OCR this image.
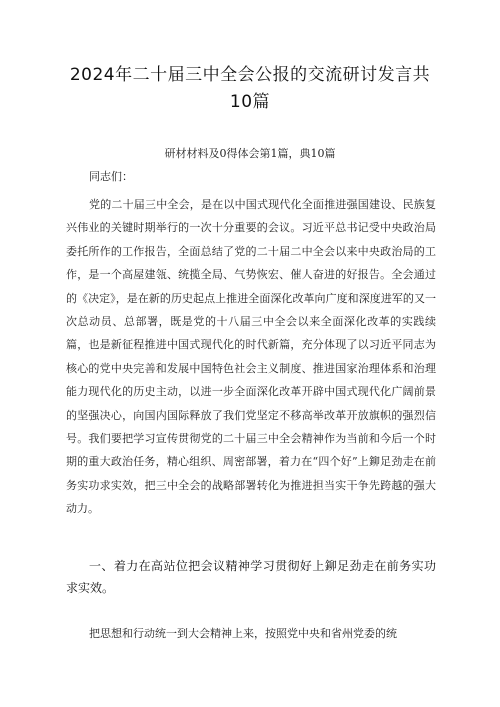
2024年二十届三中全会公报的交流研讨发言共10篇
研材材料及0得体会第1篇，典10篇
同志们：

党的二十届三中全会，是在以中国式现代化全面推进强国建设、民族复兴伟业的关键时期举行的一次十分重要的会议。习近平总书记受中央政治局委托所作的工作报告，全面总结了党的二十届二中全会以来中央政治局的工作，是一个高屋建瓴、统揽全局、气势恢宏、催人奋进的好报告。全会通过的《决定》，是在新的历史起点上推进全面深化改革向广度和深度进军的又一次总动员、总部署，既是党的十八届三中全会以来全面深化改革的实践续篇，也是新征程推进中国式现代化的时代新篇，充分体现了以习近平同志为核心的党中央完善和发展中国特色社会主义制度、推进国家治理体系和治理能力现代化的历史主动，以进一步全面深化改革开辟中国式现代化广阔前景的坚强决心，向国内国际释放了我们党坚定不移高举改革开放旗帜的强烈信号。我们要把学习宣传贯彻党的二十届三中全会精神作为当前和今后一个时期的重大政治任务，精心组织、周密部署，着力在“四个好”上鉚足劲走在前务实功求实效，把三中全会的战略部署转化为推进担当实干争先跨越的强大动力。

一、着力在高站位把会议精神学习贯彻好上鉚足劲走在前务实功求实效。

把思想和行动统一到大会精神上来，按照党中央和省州党委的统
